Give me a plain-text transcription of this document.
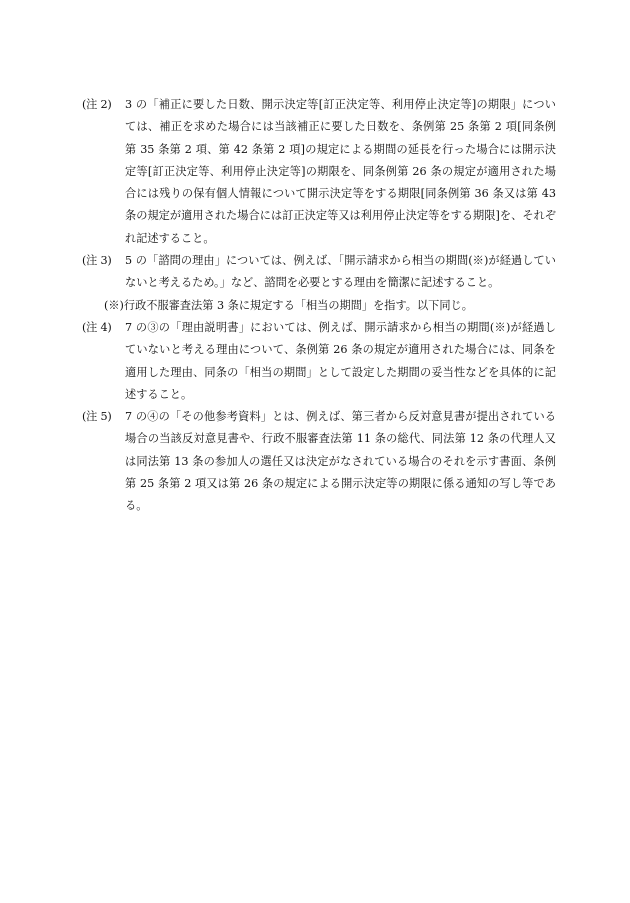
(注 2)	3 の「補正に要した日数、開示決定等[訂正決定等、利用停止決定等]の期限」については、補正を求めた場合には当該補正に要した日数を、条例第 25 条第 2 項[同条例第 35 条第 2 項、第 42 条第 2 項]の規定による期間の延長を行った場合には開示決定等[訂正決定等、利用停止決定等]の期限を、同条例第 26 条の規定が適用された場合には残りの保有個人情報について開示決定等をする期限[同条例第 36 条又は第 43 条の規定が適用された場合には訂正決定等又は利用停止決定等をする期限]を、それぞれ記述すること。
(注 3)	5 の「諮問の理由」については、例えば、「開示請求から相当の期間(※)が経過していないと考えるため。」など、諮問を必要とする理由を簡潔に記述すること。

(※)行政不服審査法第 3 条に規定する「相当の期間」を指す。以下同じ。

(注 4)	7 の③の「理由説明書」においては、例えば、開示請求から相当の期間(※)が経過していないと考える理由について、条例第 26 条の規定が適用された場合には、同条を適用した理由、同条の「相当の期間」として設定した期間の妥当性などを具体的に記述すること。
(注 5)	7 の④の「その他参考資料」とは、例えば、第三者から反対意見書が提出されている場合の当該反対意見書や、行政不服審査法第 11 条の総代、同法第 12 条の代理人又は同法第 13 条の参加人の選任又は決定がなされている場合のそれを示す書面、条例第 25 条第 2 項又は第 26 条の規定による開示決定等の期限に係る通知の写し等である。
